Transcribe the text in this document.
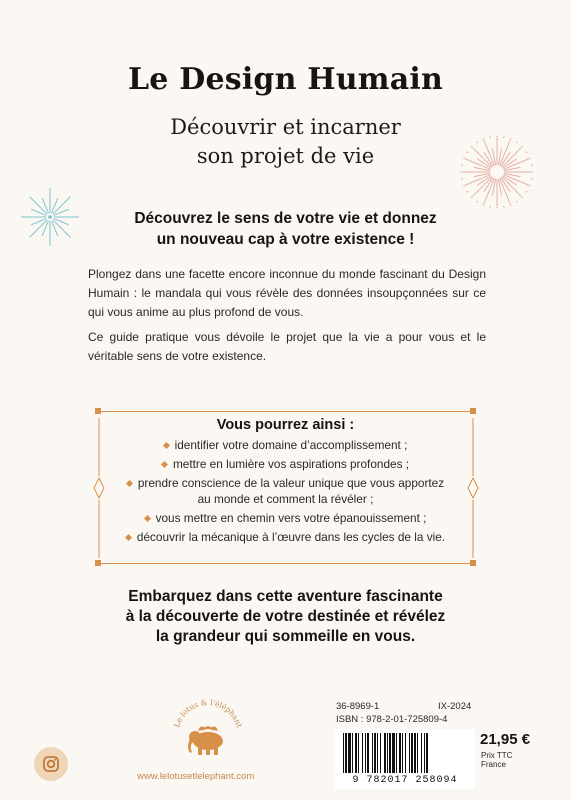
Le Design Humain
Découvrir et incarner
son projet de vie
Découvrez le sens de votre vie et donnez
un nouveau cap à votre existence !

Plongez dans une facette encore inconnue du monde fascinant du Design Humain : le mandala qui vous révèle des données insoupçonnées sur ce qui vous anime au plus profond de vous.

Ce guide pratique vous dévoile le projet que la vie a pour vous et le véritable sens de votre existence.

Vous pourrez ainsi :
identifier votre domaine d’accomplissement ;
mettre en lumière vos aspirations profondes ;
prendre conscience de la valeur unique que vous apportez
au monde et comment la révéler ;
vous mettre en chemin vers votre épanouissement ;
découvrir la mécanique à l’œuvre dans les cycles de la vie.
Embarquez dans cette aventure fascinante
à la découverte de votre destinée et révélez
la grandeur qui sommeille en vous.
Le lotus & l'éléphant
www.lelotusetlelephant.com
36-8969-1	IX-2024
ISBN : 978-2-01-725809-4
9 782017 258094
21,95 €
Prix TTC
France
